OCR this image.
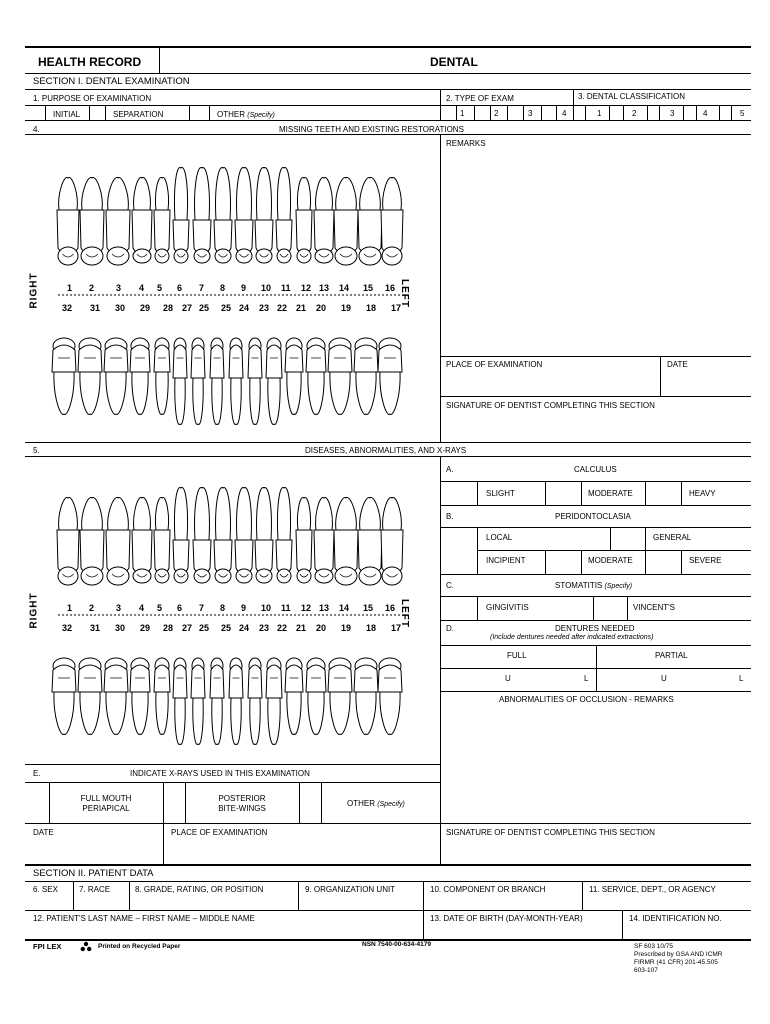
HEALTH RECORD	DENTAL
SECTION I. DENTAL EXAMINATION
1. PURPOSE OF EXAMINATION	2. TYPE OF EXAM	3. DENTAL CLASSIFICATION
INITIAL	SEPARATION	OTHER (Specify)	1	2	3	4	1	2	3	4	5
4.	MISSING TEETH AND EXISTING RESTORATIONS
REMARKS
RIGHT	LEFT
1 2 3 4 5 6 7 8 9 10 11 12 13 14 15 16
32 31 30 29 28 27 25 25 24 23 22 21 20 19 18 17
PLACE OF EXAMINATION	DATE
SIGNATURE OF DENTIST COMPLETING THIS SECTION
5.	DISEASES, ABNORMALITIES, AND X-RAYS
A.	CALCULUS
SLIGHT	MODERATE	HEAVY
B.	PERIDONTOCLASIA
LOCAL	GENERAL
INCIPIENT	MODERATE	SEVERE
C.	STOMATITIS (Specify)
GINGIVITIS	VINCENT'S
D.	DENTURES NEEDED
(Include dentures needed after indicated extractions)
FULL	PARTIAL
U	L	U	L
ABNORMALITIES OF OCCLUSION - REMARKS
RIGHT	LEFT
1 2 3 4 5 6 7 8 9 10 11 12 13 14 15 16
32 31 30 29 28 27 25 25 24 23 22 21 20 19 18 17
E.	INDICATE X-RAYS USED IN THIS EXAMINATION
FULL MOUTH
PERIAPICAL
POSTERIOR
BITE-WINGS
OTHER (Specify)
DATE	PLACE OF EXAMINATION	SIGNATURE OF DENTIST COMPLETING THIS SECTION
SECTION II. PATIENT DATA
6. SEX	7. RACE	8. GRADE, RATING, OR POSITION	9. ORGANIZATION UNIT	10. COMPONENT OR BRANCH	11. SERVICE, DEPT., OR AGENCY
12. PATIENT'S LAST NAME – FIRST NAME – MIDDLE NAME	13. DATE OF BIRTH (DAY-MONTH-YEAR)	14. IDENTIFICATION NO.
FPI LEX	Printed on Recycled Paper	NSN 7540-00-634-4179	SF 603 10/75
Prescribed by GSA AND ICMR
FIRMR (41 CFR) 201-45.505
603-107
